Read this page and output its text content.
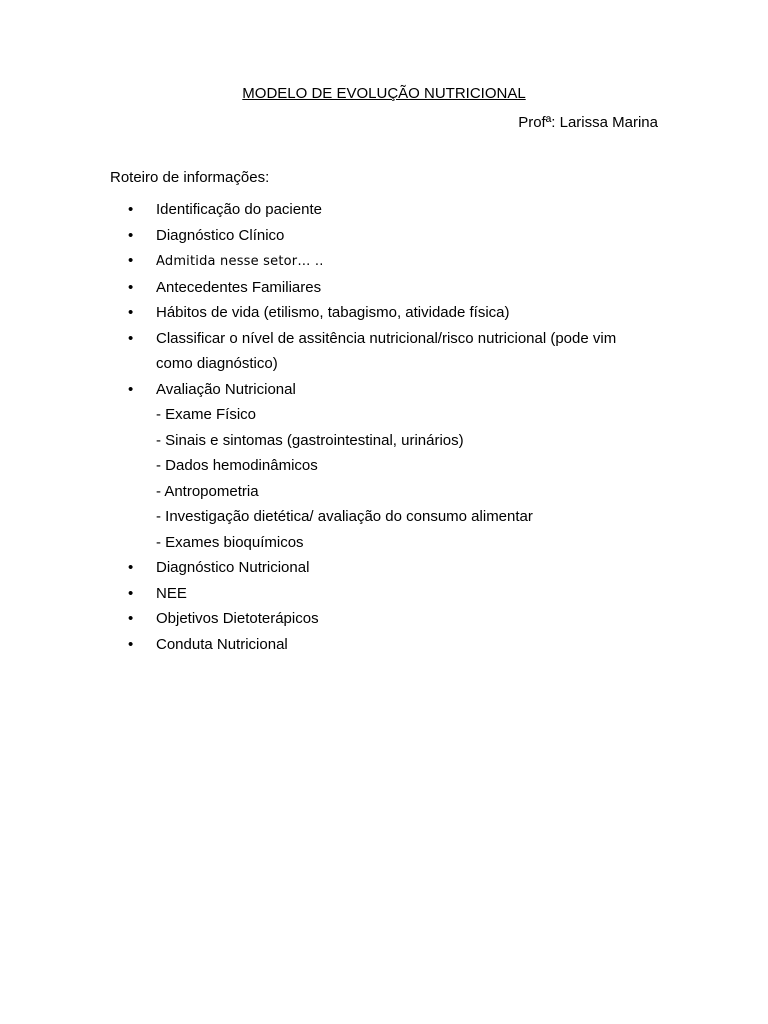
MODELO DE EVOLUÇÃO NUTRICIONAL
Profª: Larissa Marina
Roteiro de informações:
• Identificação do paciente
• Diagnóstico Clínico
• Admitida nesse setor… ..
• Antecedentes Familiares
• Hábitos de vida (etilismo, tabagismo, atividade física)
• Classificar o nível de assitência nutricional/risco nutricional (pode vim como diagnóstico)
• Avaliação Nutricional
- Exame Físico
- Sinais e sintomas (gastrointestinal, urinários)
- Dados hemodinâmicos
- Antropometria
- Investigação dietética/ avaliação do consumo alimentar
- Exames bioquímicos
• Diagnóstico Nutricional
• NEE
• Objetivos Dietoterápicos
• Conduta Nutricional
